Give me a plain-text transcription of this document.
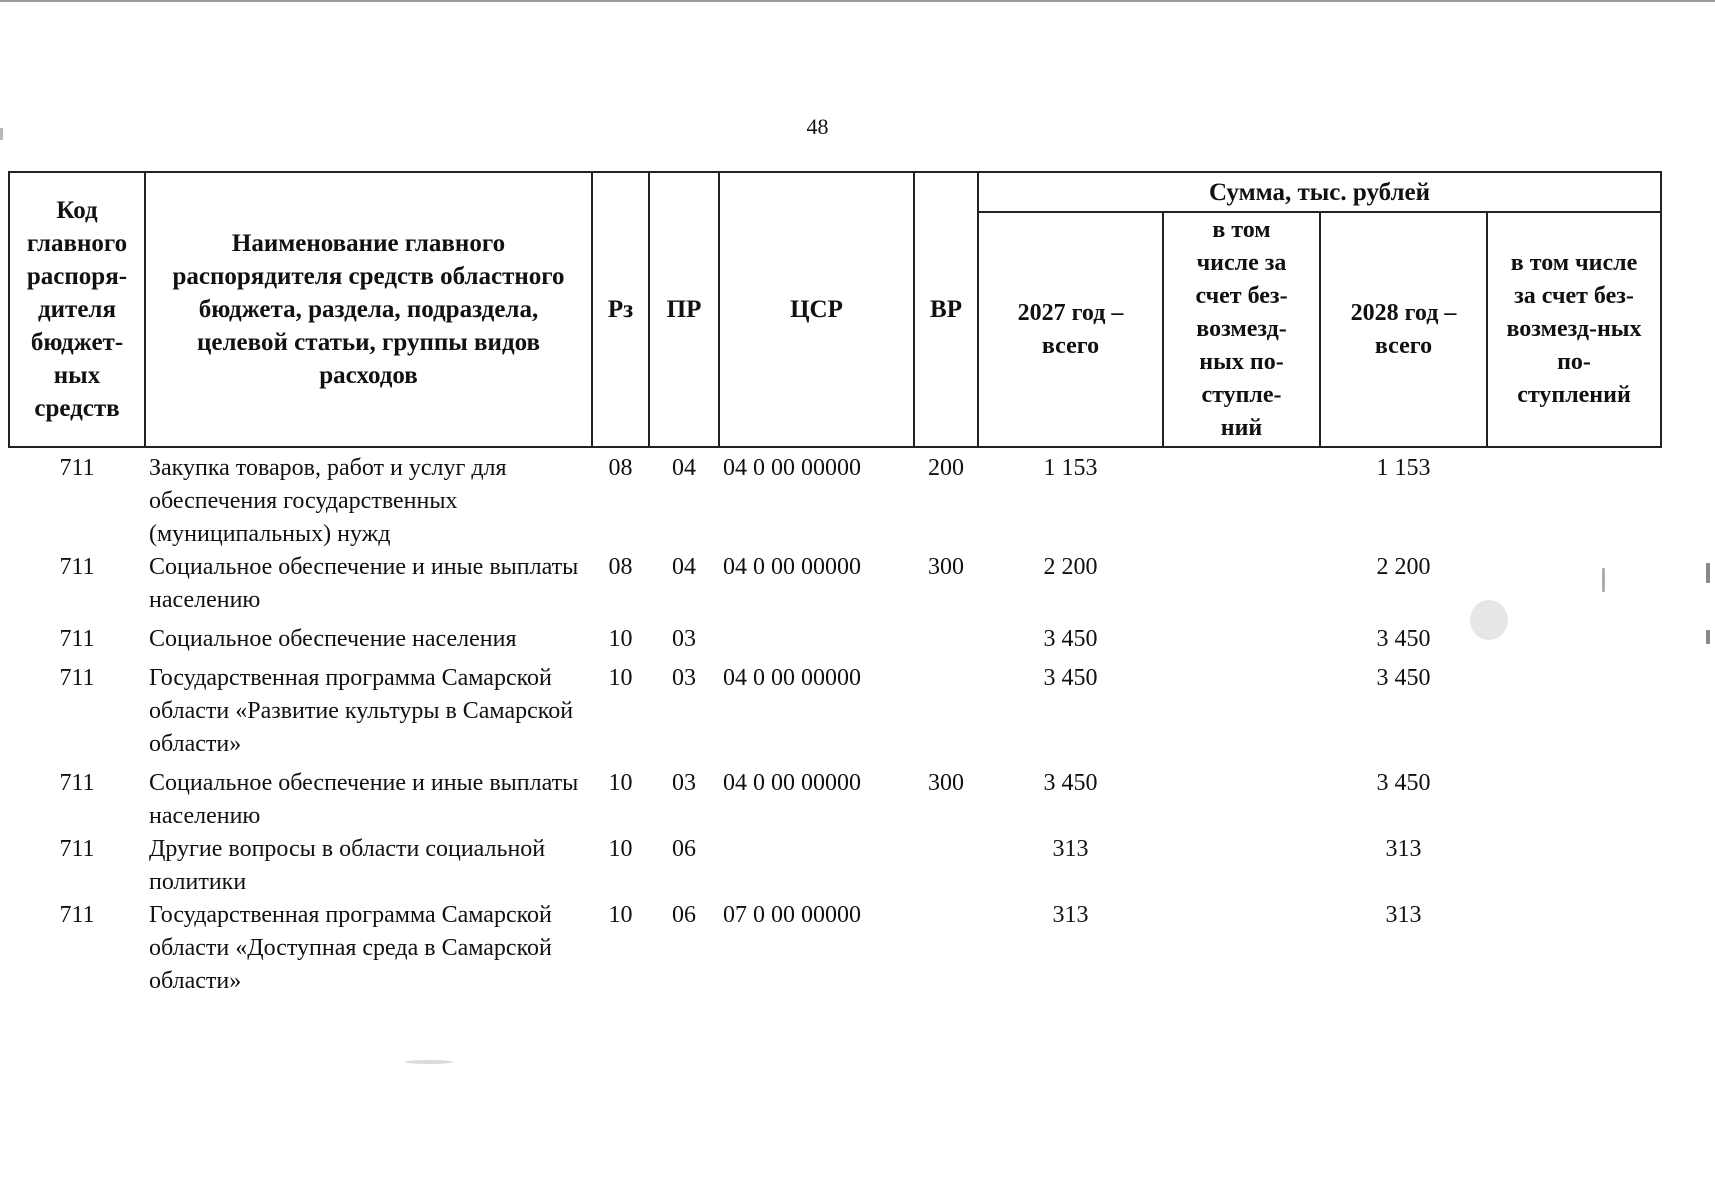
48
Код главного распоря-дителя бюджет-ных средств	Наименование главного распорядителя средств областного бюджета, раздела, подраздела, целевой статьи, группы видов расходов	Рз	ПР	ЦСР	ВР	Сумма, тыс. рублей			

						2027 год – всего	в том числе за счет без-возмезд-ных по-ступле-ний	2028 год – всего	в том числе за счет без-возмезд-ных по-ступлений

711	Закупка товаров, работ и услуг для обеспечения государственных (муниципальных) нужд	08	04	04 0 00 00000	200	1 153		1 153	
711	Социальное обеспечение и иные выплаты населению	08	04	04 0 00 00000	300	2 200		2 200	
711	Социальное обеспечение населения	10	03			3 450		3 450	
711	Государственная программа Самарской области «Развитие культуры в Самарской области»	10	03	04 0 00 00000		3 450		3 450	
711	Социальное обеспечение и иные выплаты населению	10	03	04 0 00 00000	300	3 450		3 450	
711	Другие вопросы в области социальной политики	10	06			313		313	
711	Государственная программа Самарской области «Доступная среда в Самарской области»	10	06	07 0 00 00000		313		313	
